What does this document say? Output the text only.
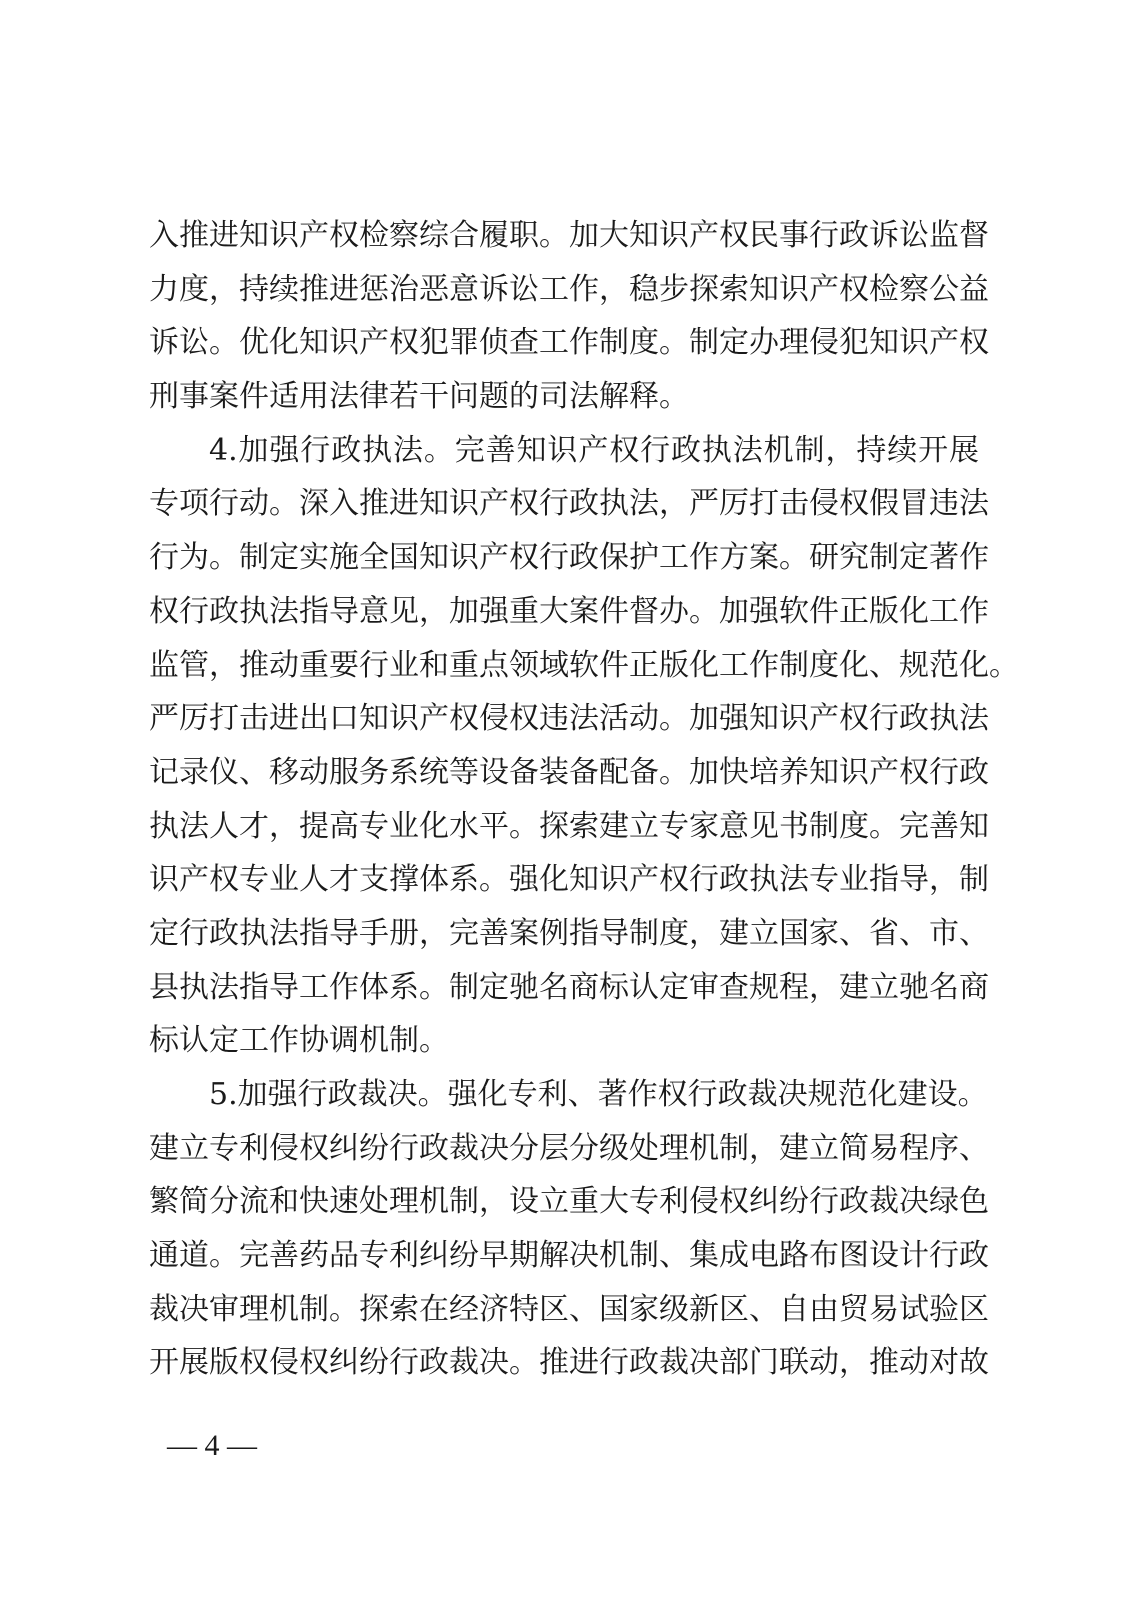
入 推 进 知 识 产 权 检 察 综 合 履 职 。 加 大 知 识 产 权 民 事 行 政 诉 讼 监 督
力 度 ， 持 续 推 进 惩 治 恶 意 诉 讼 工 作 ， 稳 步 探 索 知 识 产 权 检 察 公 益
诉 讼 。 优 化 知 识 产 权 犯 罪 侦 查 工 作 制 度 。 制 定 办 理 侵 犯 知 识 产 权
刑事案件适用法律若干问题的司法解释。
4. 加 强 行 政 执 法 。 完 善 知 识 产 权 行 政 执 法 机 制 ， 持 续 开 展
专 项 行 动 。 深 入 推 进 知 识 产 权 行 政 执 法 ， 严 厉 打 击 侵 权 假 冒 违 法
行 为 。 制 定 实 施 全 国 知 识 产 权 行 政 保 护 工 作 方 案 。 研 究 制 定 著 作
权 行 政 执 法 指 导 意 见 ， 加 强 重 大 案 件 督 办 。 加 强 软 件 正 版 化 工 作
监 管 ， 推 动 重 要 行 业 和 重 点 领 域 软 件 正 版 化 工 作 制 度 化 、 规 范 化 。
严 厉 打 击 进 出 口 知 识 产 权 侵 权 违 法 活 动 。 加 强 知 识 产 权 行 政 执 法
记 录 仪 、 移 动 服 务 系 统 等 设 备 装 备 配 备 。 加 快 培 养 知 识 产 权 行 政
执 法 人 才 ， 提 高 专 业 化 水 平 。 探 索 建 立 专 家 意 见 书 制 度 。 完 善 知
识 产 权 专 业 人 才 支 撑 体 系 。 强 化 知 识 产 权 行 政 执 法 专 业 指 导 ， 制
定 行 政 执 法 指 导 手 册 ， 完 善 案 例 指 导 制 度 ， 建 立 国 家 、 省 、 市 、
县 执 法 指 导 工 作 体 系 。 制 定 驰 名 商 标 认 定 审 查 规 程 ， 建 立 驰 名 商
标认定工作协调机制。
5. 加 强 行 政 裁 决 。 强 化 专 利 、 著 作 权 行 政 裁 决 规 范 化 建 设 。
建 立 专 利 侵 权 纠 纷 行 政 裁 决 分 层 分 级 处 理 机 制 ， 建 立 简 易 程 序 、
繁 简 分 流 和 快 速 处 理 机 制 ， 设 立 重 大 专 利 侵 权 纠 纷 行 政 裁 决 绿 色
通 道 。 完 善 药 品 专 利 纠 纷 早 期 解 决 机 制 、 集 成 电 路 布 图 设 计 行 政
裁 决 审 理 机 制 。 探 索 在 经 济 特 区 、 国 家 级 新 区 、 自 由 贸 易 试 验 区
开 展 版 权 侵 权 纠 纷 行 政 裁 决 。 推 进 行 政 裁 决 部 门 联 动 ， 推 动 对 故
— 4 —
